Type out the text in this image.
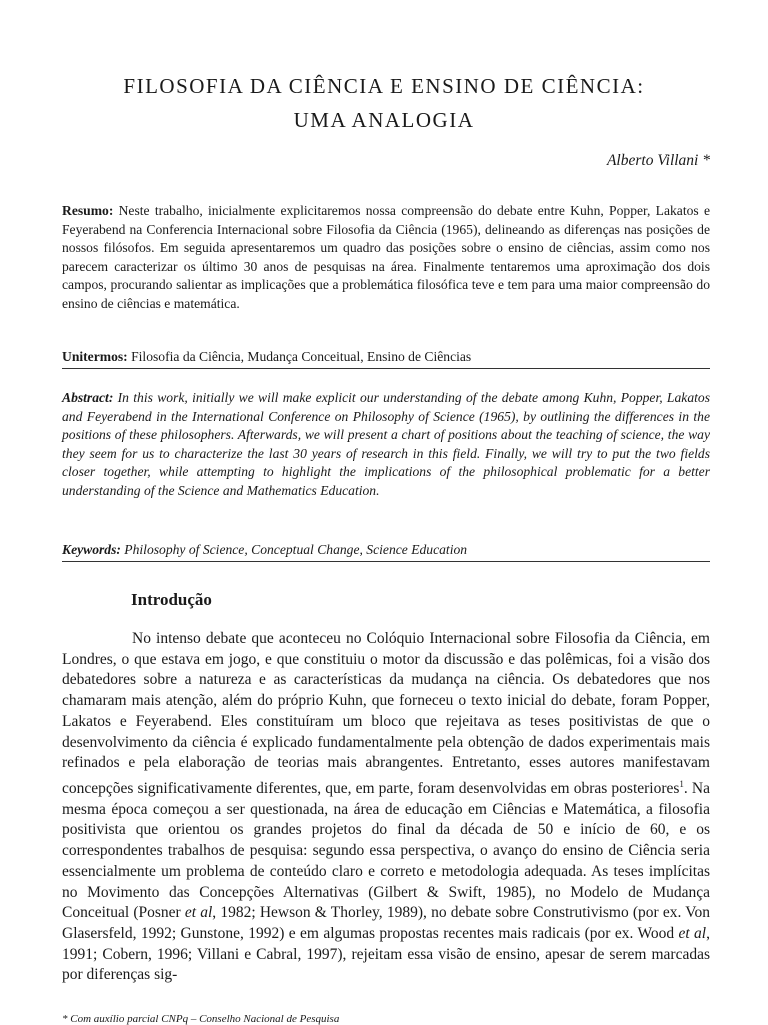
FILOSOFIA DA CIÊNCIA E ENSINO DE CIÊNCIA:
UMA ANALOGIA
Alberto Villani *
Resumo: Neste trabalho, inicialmente explicitaremos nossa compreensão do debate entre Kuhn, Popper, Lakatos e Feyerabend na Conferencia Internacional sobre Filosofia da Ciência (1965), delineando as diferenças nas posições de nossos filósofos. Em seguida apresentaremos um quadro das posições sobre o ensino de ciências, assim como nos parecem caracterizar os último 30 anos de pesquisas na área. Finalmente tentaremos uma aproximação dos dois campos, procurando salientar as implicações que a problemática filosófica teve e tem para uma maior compreensão do ensino de ciências e matemática.
Unitermos: Filosofia da Ciência, Mudança Conceitual, Ensino de Ciências
Abstract: In this work, initially we will make explicit our understanding of the debate among Kuhn, Popper, Lakatos and Feyerabend in the International Conference on Philosophy of Science (1965), by outlining the differences in the positions of these philosophers. Afterwards, we will present a chart of positions about the teaching of science, the way they seem for us to characterize the last 30 years of research in this field. Finally, we will try to put the two fields closer together, while attempting to highlight the implications of the philosophical problematic for a better understanding of the Science and Mathematics Education.
Keywords: Philosophy of Science, Conceptual Change, Science Education
Introdução
No intenso debate que aconteceu no Colóquio Internacional sobre Filosofia da Ciência, em Londres, o que estava em jogo, e que constituiu o motor da discussão e das polêmicas, foi a visão dos debatedores sobre a natureza e as características da mudança na ciência. Os debatedores que nos chamaram mais atenção, além do próprio Kuhn, que forneceu o texto inicial do debate, foram Popper, Lakatos e Feyerabend. Eles constituíram um bloco que rejeitava as teses positivistas de que o desenvolvimento da ciência é explicado fundamentalmente pela obtenção de dados experimentais mais refinados e pela elaboração de teorias mais abrangentes. Entretanto, esses autores manifestavam concepções significativamente diferentes, que, em parte, foram desenvolvidas em obras posteriores$^1$. Na mesma época começou a ser questionada, na área de educação em Ciências e Matemática, a filosofia positivista que orientou os grandes projetos do final da década de 50 e início de 60, e os correspondentes trabalhos de pesquisa: segundo essa perspectiva, o avanço do ensino de Ciência seria essencialmente um problema de conteúdo claro e correto e metodologia adequada. As teses implícitas no Movimento das Concepções Alternativas (Gilbert & Swift, 1985), no Modelo de Mudança Conceitual (Posner et al, 1982; Hewson & Thorley, 1989), no debate sobre Construtivismo (por ex. Von Glasersfeld, 1992; Gunstone, 1992) e em algumas propostas recentes mais radicais (por ex. Wood et al, 1991; Cobern, 1996; Villani e Cabral, 1997), rejeitam essa visão de ensino, apesar de serem marcadas por diferenças sig-
* Com auxílio parcial CNPq – Conselho Nacional de Pesquisa
